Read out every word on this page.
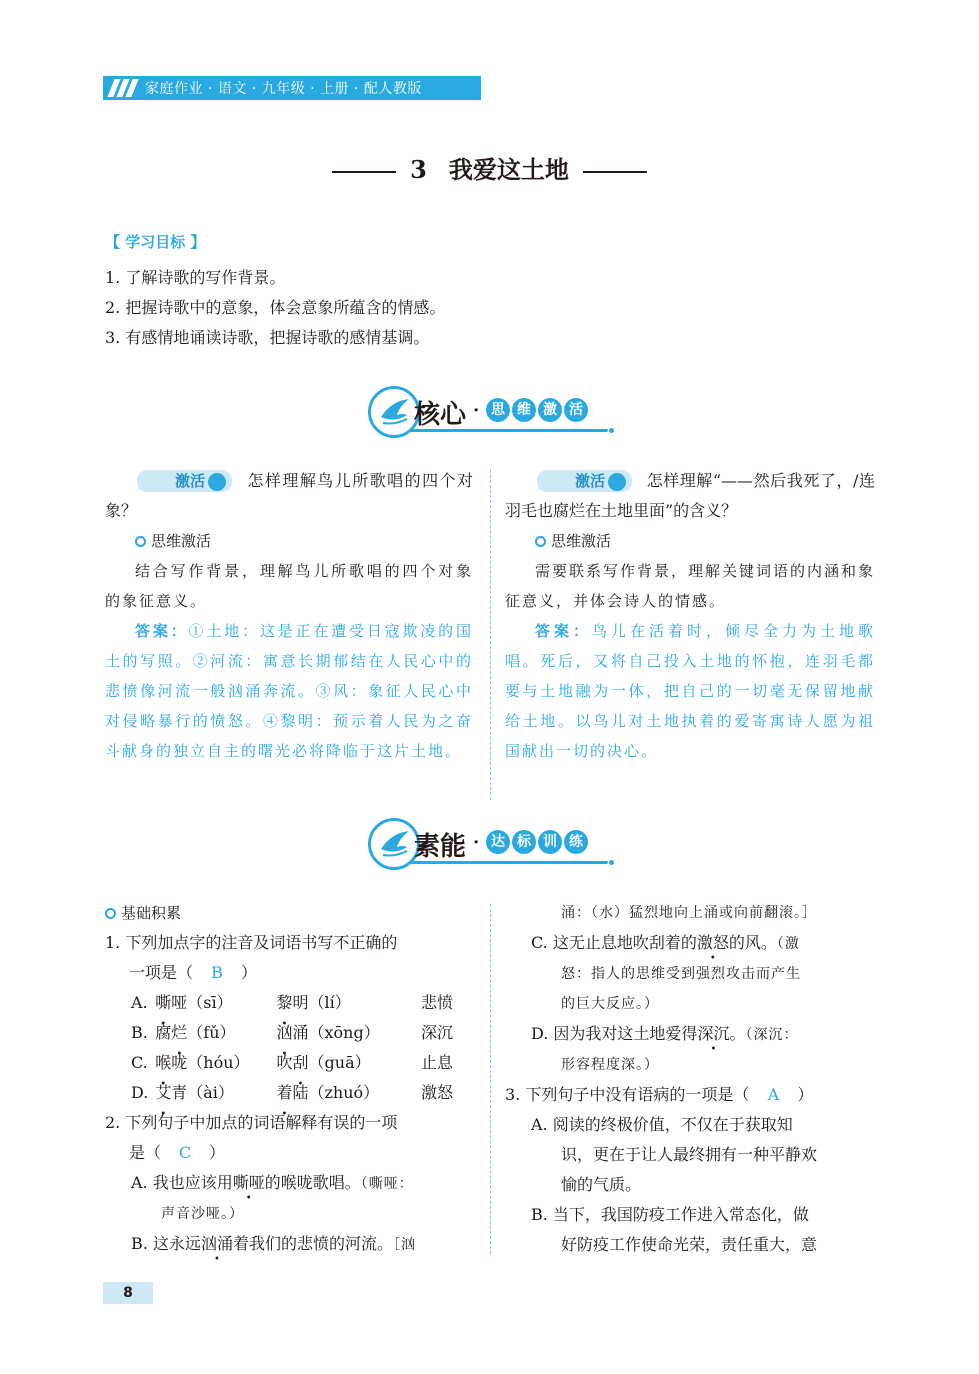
家庭作业 · 语文 · 九年级 · 上册 · 配人教版
3 我爱这土地
【 学习目标 】
1. 了解诗歌的写作背景。
2. 把握诗歌中的意象，体会意象所蕴含的情感。
3. 有感情地诵读诗歌，把握诗歌的感情基调。
核心 · 思 维 激 活

激活	1怎样理解鸟儿所歌唱的四个对象？

思维激活

结合写作背景，理解鸟儿所歌唱的四个对象的象征意义。

答案：①土地：这是正在遭受日寇欺凌的国土的写照。②河流：寓意长期郁结在人民心中的悲愤像河流一般汹涌奔流。③风：象征人民心中对侵略暴行的愤怒。④黎明：预示着人民为之奋斗献身的独立自主的曙光必将降临于这片土地。

激活	2怎样理解“——然后我死了，/连羽毛也腐烂在土地里面”的含义？

思维激活

需要联系写作背景，理解关键词语的内涵和象征意义，并体会诗人的情感。

答案：鸟儿在活着时，倾尽全力为土地歌唱。死后，又将自己投入土地的怀抱，连羽毛都要与土地融为一体，把自己的一切毫无保留地献给土地。以鸟儿对土地执着的爱寄寓诗人愿为祖国献出一切的决心。

素能 · 达 标 训 练
基础积累
1. 下列加点字的注音及词语书写不正确的
一项是（ B ）
A. 嘶哑（sī）	黎明（lí）	悲愤
B. 腐烂（fǔ）	汹涌（xōng）	深沉
C. 喉咙（hóu）	吹刮（guā）	止息
D. 艾青（ài）	着陆（zhuó）	激怒
2. 下列句子中加点的词语解释有误的一项
是（ C ）
A. 我也应该用嘶哑的喉咙歌唱。（嘶哑：
声音沙哑。）
B. 这永远汹涌着我们的悲愤的河流。［汹
涌：（水）猛烈地向上涌或向前翻滚。］
C. 这无止息地吹刮着的激怒的风。（激
怒：指人的思维受到强烈攻击而产生
的巨大反应。）
D. 因为我对这土地爱得深沉。（深沉：
形容程度深。）
3. 下列句子中没有语病的一项是（ A ）
A. 阅读的终极价值，不仅在于获取知
识，更在于让人最终拥有一种平静欢
愉的气质。
B. 当下，我国防疫工作进入常态化，做
好防疫工作使命光荣，责任重大，意
8
